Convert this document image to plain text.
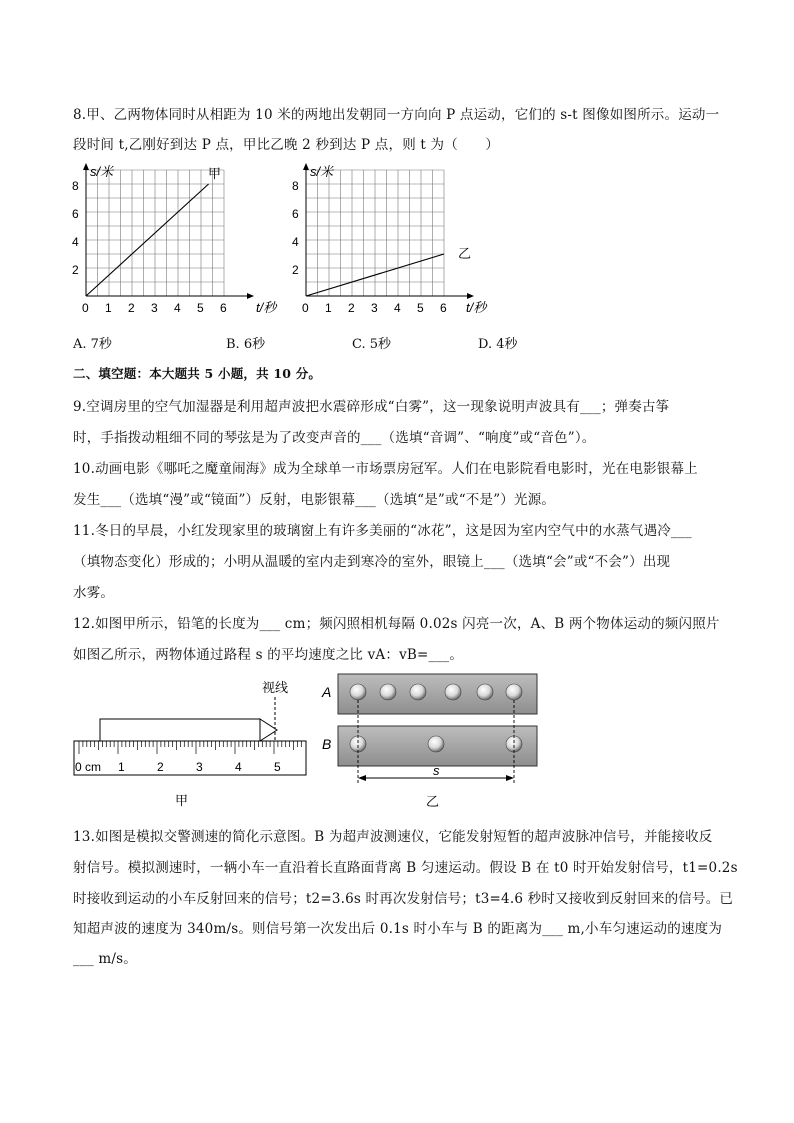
8.甲、乙两物体同时从相距为 10 米的两地出发朝同一方向向 P 点运动，它们的 s-t 图像如图所示。运动一
段时间 t,乙刚好到达 P 点，甲比乙晚 2 秒到达 P 点，则 t 为（　　）
甲
s/米
t/秒
8
6
4
2
0 1 2 3 4 5 6
乙
s/米
t/秒
8
6
4
2
0 1 2 3 4 5 6
A. 7秒	B. 6秒	C. 5秒	D. 4秒
二、填空题：本大题共 5 小题，共 10 分。
9.空调房里的空气加湿器是利用超声波把水震碎形成“白雾”，这一现象说明声波具有___；弹奏古筝
时，手指拨动粗细不同的琴弦是为了改变声音的___（选填“音调”、“响度”或“音色”）。
10.动画电影《哪吒之魔童闹海》成为全球单一市场票房冠军。人们在电影院看电影时，光在电影银幕上
发生___（选填“漫”或“镜面”）反射，电影银幕___（选填“是”或“不是”）光源。
11.冬日的早晨，小红发现家里的玻璃窗上有许多美丽的“冰花”，这是因为室内空气中的水蒸气遇冷___
（填物态变化）形成的；小明从温暖的室内走到寒冷的室外，眼镜上___（选填“会”或“不会”）出现
水雾。
12.如图甲所示，铅笔的长度为___ cm；频闪照相机每隔 0.02s 闪亮一次，A、B 两个物体运动的频闪照片
如图乙所示，两物体通过路程 s 的平均速度之比 vA：vB=___。
视线
0 cm 1	2	3	4	5
甲
A
B
s
乙
13.如图是模拟交警测速的简化示意图。B 为超声波测速仪，它能发射短暂的超声波脉冲信号，并能接收反
射信号。模拟测速时，一辆小车一直沿着长直路面背离 B 匀速运动。假设 B 在 t0 时开始发射信号，t1=0.2s
时接收到运动的小车反射回来的信号；t2=3.6s 时再次发射信号；t3=4.6 秒时又接收到反射回来的信号。已
知超声波的速度为 340m/s。则信号第一次发出后 0.1s 时小车与 B 的距离为___ m,小车匀速运动的速度为
___ m/s。
